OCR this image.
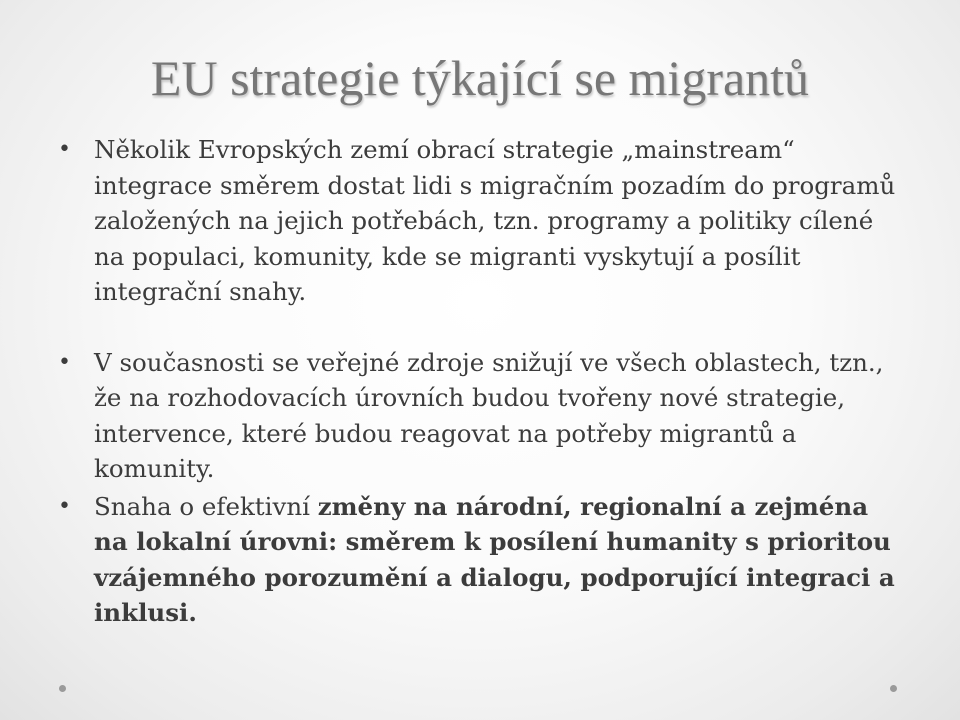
EU strategie týkající se migrantů
• Několik Evropských zemí obrací strategie „mainstream“ integrace směrem dostat lidi s migračním pozadím do programů založených na jejich potřebách, tzn. programy a politiky cílené na populaci, komunity, kde se migranti vyskytují a posílit integrační snahy.
• V současnosti se veřejné zdroje snižují ve všech oblastech, tzn., že na rozhodovacích úrovních budou tvořeny nové strategie, intervence, které budou reagovat na potřeby migrantů a komunity.
• Snaha o efektivní změny na národní, regionalní a zejména na lokalní úrovni: směrem k posílení humanity s prioritou vzájemného porozumění a dialogu, podporující integraci a inklusi.
